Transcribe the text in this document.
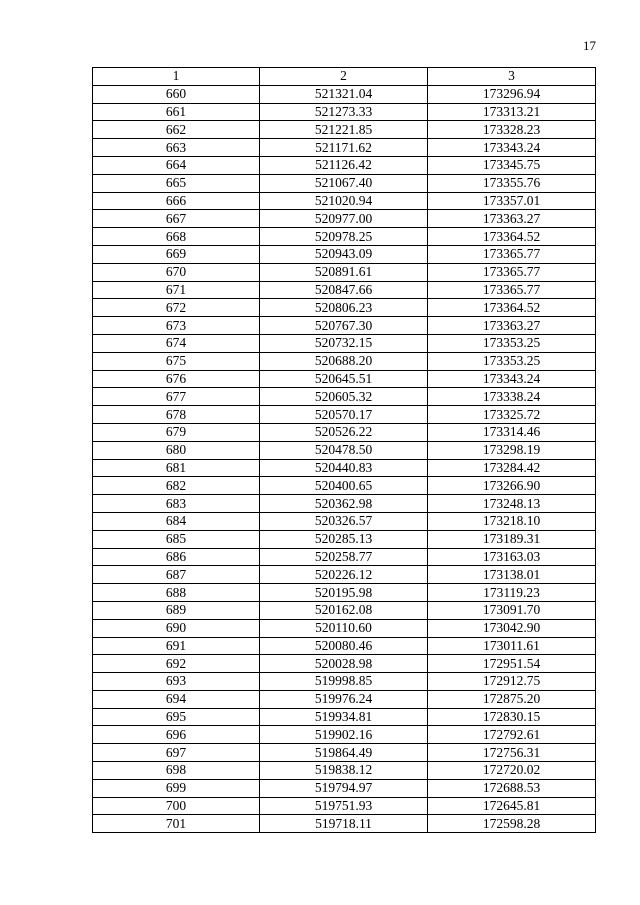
17
1	2	3
660	521321.04	173296.94
661	521273.33	173313.21
662	521221.85	173328.23
663	521171.62	173343.24
664	521126.42	173345.75
665	521067.40	173355.76
666	521020.94	173357.01
667	520977.00	173363.27
668	520978.25	173364.52
669	520943.09	173365.77
670	520891.61	173365.77
671	520847.66	173365.77
672	520806.23	173364.52
673	520767.30	173363.27
674	520732.15	173353.25
675	520688.20	173353.25
676	520645.51	173343.24
677	520605.32	173338.24
678	520570.17	173325.72
679	520526.22	173314.46
680	520478.50	173298.19
681	520440.83	173284.42
682	520400.65	173266.90
683	520362.98	173248.13
684	520326.57	173218.10
685	520285.13	173189.31
686	520258.77	173163.03
687	520226.12	173138.01
688	520195.98	173119.23
689	520162.08	173091.70
690	520110.60	173042.90
691	520080.46	173011.61
692	520028.98	172951.54
693	519998.85	172912.75
694	519976.24	172875.20
695	519934.81	172830.15
696	519902.16	172792.61
697	519864.49	172756.31
698	519838.12	172720.02
699	519794.97	172688.53
700	519751.93	172645.81
701	519718.11	172598.28
